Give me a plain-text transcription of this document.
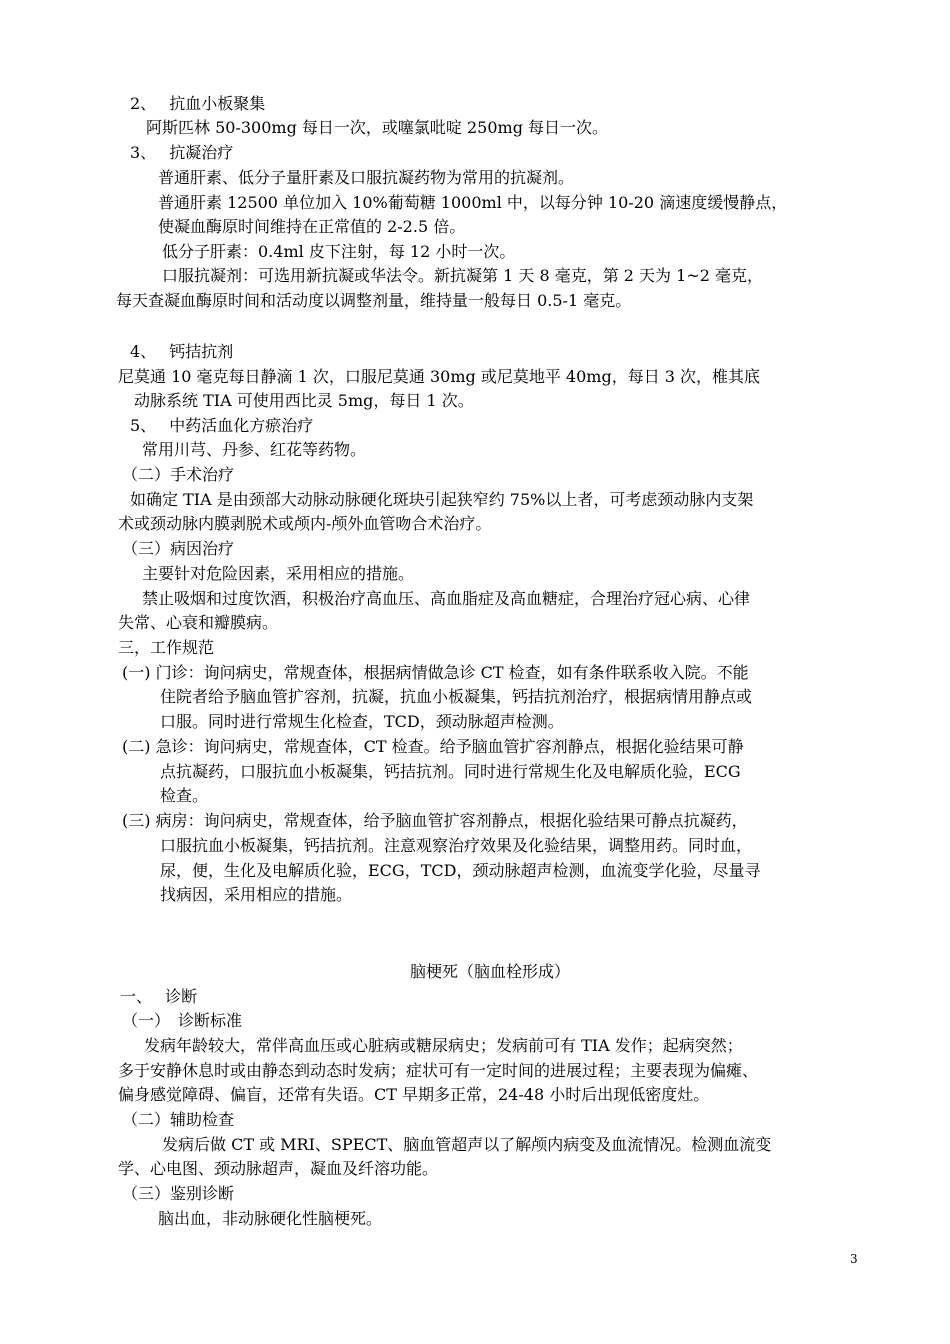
2、　 抗血小板聚集
阿斯匹林 50-300mg 每日一次，或噻氯吡啶 250mg 每日一次。
3、　 抗凝治疗
普通肝素、低分子量肝素及口服抗凝药物为常用的抗凝剂。
普通肝素 12500 单位加入 10%葡萄糖 1000ml 中，以每分钟 10-20 滴速度缓慢静点，
使凝血酶原时间维持在正常值的 2-2.5 倍。
低分子肝素：0.4ml 皮下注射，每 12 小时一次。
口服抗凝剂：可选用新抗凝或华法令。新抗凝第 1 天 8 毫克，第 2 天为 1~2 毫克，
每天查凝血酶原时间和活动度以调整剂量，维持量一般每日 0.5-1 毫克。
4、　 钙拮抗剂
尼莫通 10 毫克每日静滴 1 次，口服尼莫通 30mg 或尼莫地平 40mg，每日 3 次，椎其底
动脉系统 TIA 可使用西比灵 5mg，每日 1 次。
5、　 中药活血化方瘀治疗
常用川芎、丹参、红花等药物。
（二）手术治疗
如确定 TIA 是由颈部大动脉动脉硬化斑块引起狭窄约 75%以上者，可考虑颈动脉内支架
术或颈动脉内膜剥脱术或颅内-颅外血管吻合术治疗。
（三）病因治疗
主要针对危险因素，采用相应的措施。
禁止吸烟和过度饮酒，积极治疗高血压、高血脂症及高血糖症，合理治疗冠心病、心律
失常、心衰和瓣膜病。
三，工作规范
(一) 门诊：询问病史，常规查体，根据病情做急诊 CT 检查，如有条件联系收入院。不能
住院者给予脑血管扩容剂，抗凝，抗血小板凝集，钙拮抗剂治疗，根据病情用静点或
口服。同时进行常规生化检查，TCD，颈动脉超声检测。
(二) 急诊：询问病史，常规查体，CT 检查。给予脑血管扩容剂静点，根据化验结果可静
点抗凝药，口服抗血小板凝集，钙拮抗剂。同时进行常规生化及电解质化验，ECG
检查。
(三) 病房：询问病史，常规查体，给予脑血管扩容剂静点，根据化验结果可静点抗凝药，
口服抗血小板凝集，钙拮抗剂。注意观察治疗效果及化验结果，调整用药。同时血，
尿，便，生化及电解质化验，ECG，TCD，颈动脉超声检测，血流变学化验，尽量寻
找病因，采用相应的措施。
脑梗死（脑血栓形成）
一、　 诊断
（一）　诊断标准
发病年龄较大，常伴高血压或心脏病或糖尿病史；发病前可有 TIA 发作；起病突然；
多于安静休息时或由静态到动态时发病；症状可有一定时间的进展过程；主要表现为偏瘫、
偏身感觉障碍、偏盲，还常有失语。CT 早期多正常，24-48 小时后出现低密度灶。
（二）辅助检查
发病后做 CT 或 MRI、SPECT、脑血管超声以了解颅内病变及血流情况。检测血流变
学、心电图、颈动脉超声，凝血及纤溶功能。
（三）鉴别诊断
脑出血，非动脉硬化性脑梗死。
3
